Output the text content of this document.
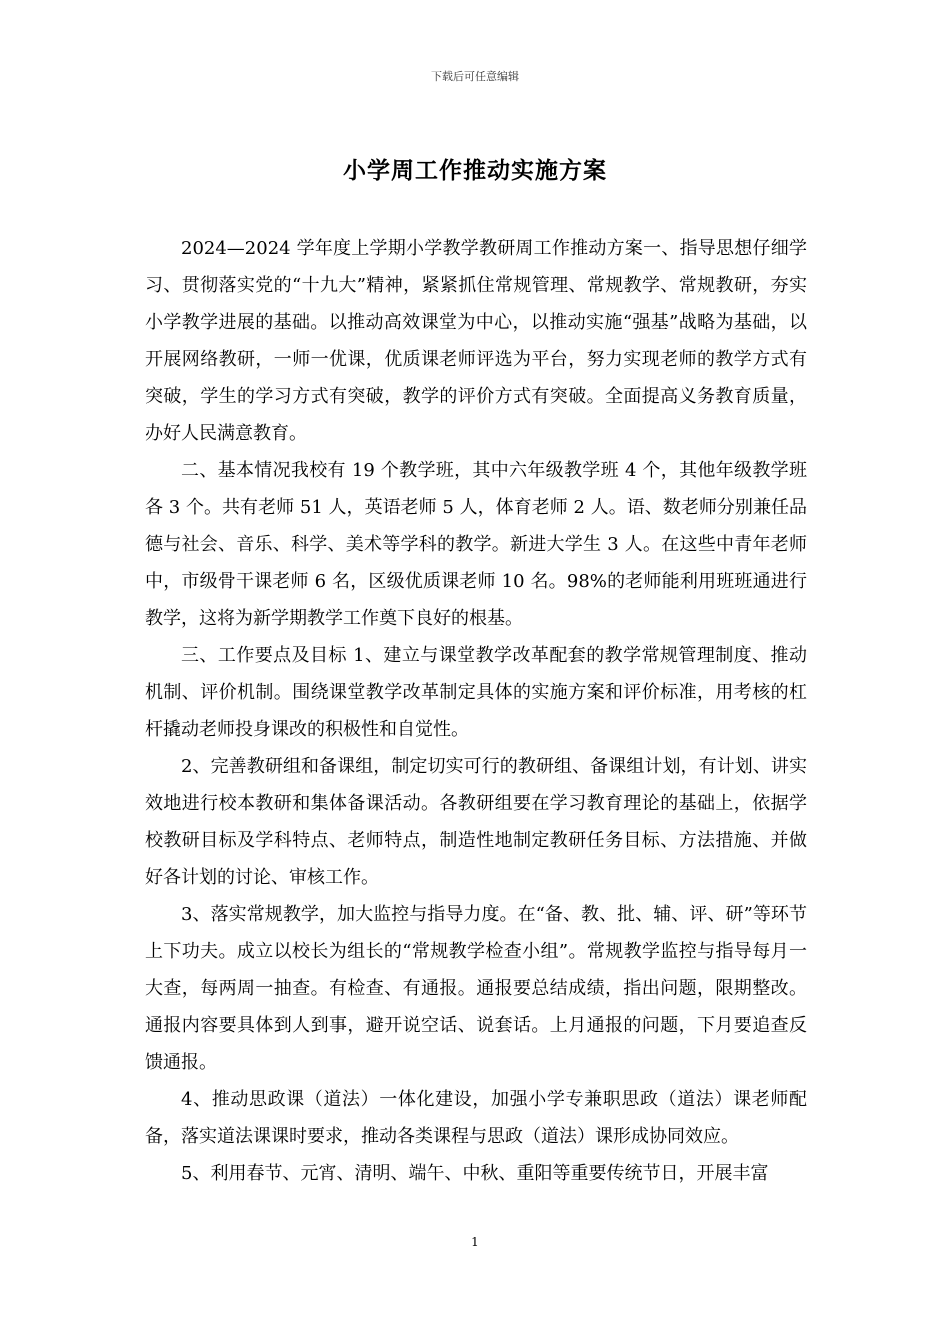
下载后可任意编辑
小学周工作推动实施方案

2024—2024 学年度上学期小学教学教研周工作推动方案一、指导思想仔细学习、贯彻落实党的“十九大”精神，紧紧抓住常规管理、常规教学、常规教研，夯实小学教学进展的基础。以推动高效课堂为中心，以推动实施“强基”战略为基础，以开展网络教研，一师一优课，优质课老师评选为平台，努力实现老师的教学方式有突破，学生的学习方式有突破，教学的评价方式有突破。全面提高义务教育质量，办好人民满意教育。

二、基本情况我校有 19 个教学班，其中六年级教学班 4 个，其他年级教学班各 3 个。共有老师 51 人，英语老师 5 人，体育老师 2 人。语、数老师分别兼任品德与社会、音乐、科学、美术等学科的教学。新进大学生 3 人。在这些中青年老师中，市级骨干课老师 6 名，区级优质课老师 10 名。98%的老师能利用班班通进行教学，这将为新学期教学工作奠下良好的根基。

三、工作要点及目标 1、建立与课堂教学改革配套的教学常规管理制度、推动机制、评价机制。围绕课堂教学改革制定具体的实施方案和评价标准，用考核的杠杆撬动老师投身课改的积极性和自觉性。

2、完善教研组和备课组，制定切实可行的教研组、备课组计划，有计划、讲实效地进行校本教研和集体备课活动。各教研组要在学习教育理论的基础上，依据学校教研目标及学科特点、老师特点，制造性地制定教研任务目标、方法措施、并做好各计划的讨论、审核工作。

3、落实常规教学，加大监控与指导力度。在“备、教、批、辅、评、研”等环节上下功夫。成立以校长为组长的“常规教学检查小组”。常规教学监控与指导每月一大查，每两周一抽查。有检查、有通报。通报要总结成绩，指出问题，限期整改。通报内容要具体到人到事，避开说空话、说套话。上月通报的问题，下月要追查反馈通报。

4、推动思政课（道法）一体化建设，加强小学专兼职思政（道法）课老师配备，落实道法课课时要求，推动各类课程与思政（道法）课形成协同效应。

5、利用春节、元宵、清明、端午、中秋、重阳等重要传统节日，开展丰富

1
